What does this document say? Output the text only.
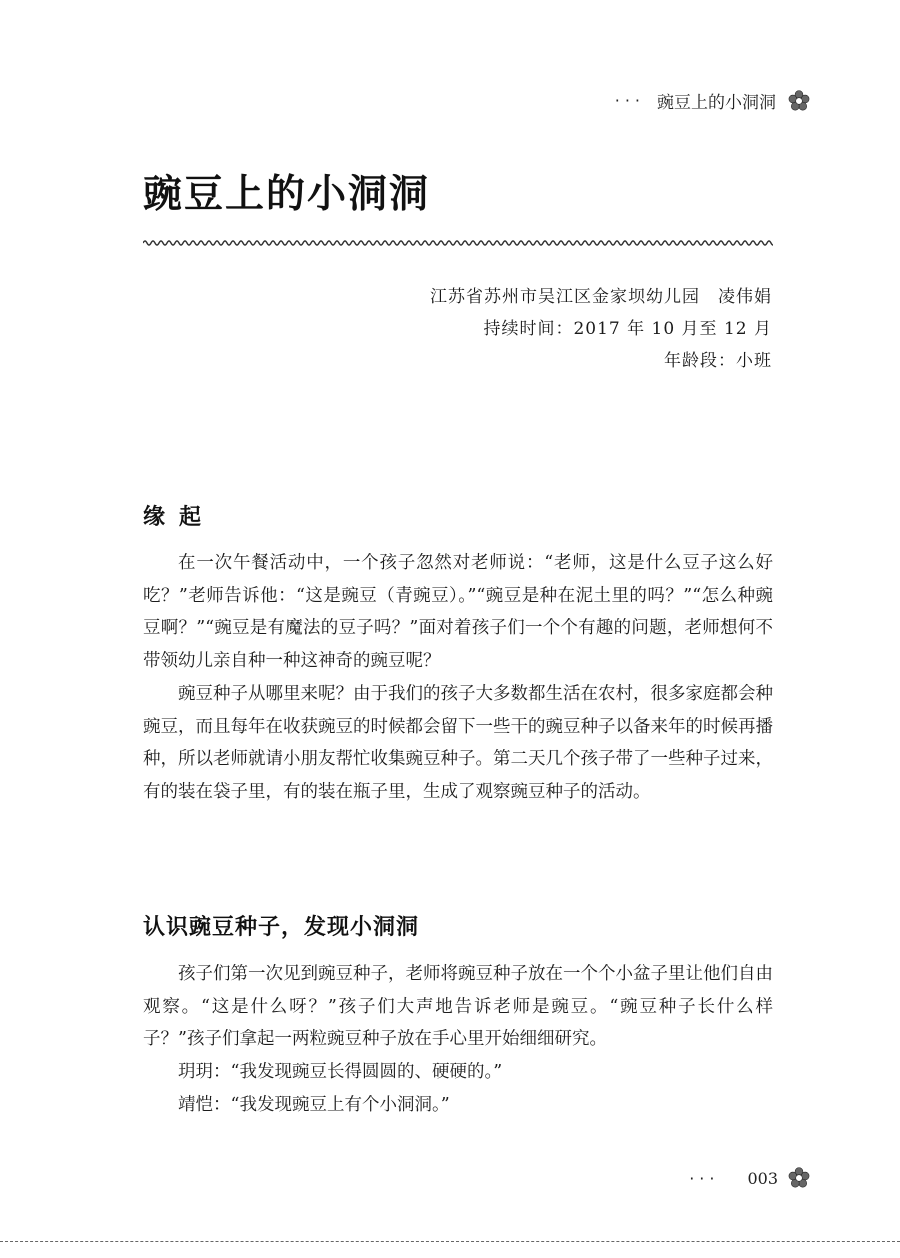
··· 豌豆上的小洞洞
豌豆上的小洞洞
江苏省苏州市吴江区金家坝幼儿园　凌伟娟
持续时间：2017 年 10 月至 12 月
年龄段：小班
缘起

在一次午餐活动中，一个孩子忽然对老师说：“老师，这是什么豆子这么好吃？”老师告诉他：“这是豌豆（青豌豆）。”“豌豆是种在泥土里的吗？”“怎么种豌豆啊？”“豌豆是有魔法的豆子吗？”面对着孩子们一个个有趣的问题，老师想何不带领幼儿亲自种一种这神奇的豌豆呢？

豌豆种子从哪里来呢？由于我们的孩子大多数都生活在农村，很多家庭都会种豌豆，而且每年在收获豌豆的时候都会留下一些干的豌豆种子以备来年的时候再播种，所以老师就请小朋友帮忙收集豌豆种子。第二天几个孩子带了一些种子过来，有的装在袋子里，有的装在瓶子里，生成了观察豌豆种子的活动。

认识豌豆种子，发现小洞洞

孩子们第一次见到豌豆种子，老师将豌豆种子放在一个个小盆子里让他们自由观察。“这是什么呀？”孩子们大声地告诉老师是豌豆。“豌豆种子长什么样子？”孩子们拿起一两粒豌豆种子放在手心里开始细细研究。

玥玥：“我发现豌豆长得圆圆的、硬硬的。”

靖恺：“我发现豌豆上有个小洞洞。”

··· 003
